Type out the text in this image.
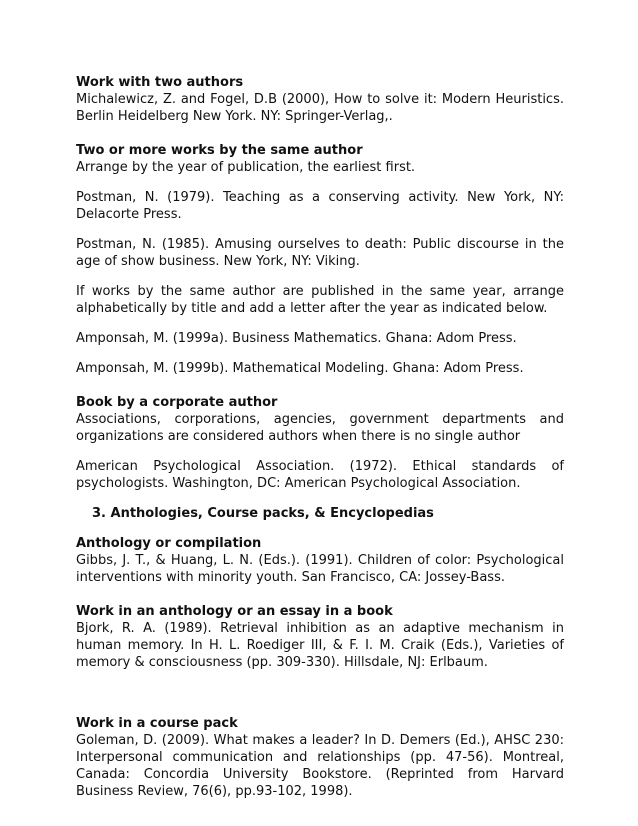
Work with two authors

Michalewicz, Z. and Fogel, D.B (2000), How to solve it: Modern Heuristics. Berlin Heidelberg New York. NY: Springer-Verlag,.

Two or more works by the same author

Arrange by the year of publication, the earliest first.

Postman, N. (1979). Teaching as a conserving activity. New York, NY: Delacorte Press.

Postman, N. (1985). Amusing ourselves to death: Public discourse in the age of show business. New York, NY: Viking.

If works by the same author are published in the same year, arrange alphabetically by title and add a letter after the year as indicated below.

Amponsah, M. (1999a). Business Mathematics. Ghana: Adom Press.

Amponsah, M. (1999b). Mathematical Modeling. Ghana: Adom Press.

Book by a corporate author

Associations, corporations, agencies, government departments and organizations are considered authors when there is no single author

American Psychological Association. (1972). Ethical standards of psychologists. Washington, DC: American Psychological Association.

3. Anthologies, Course packs, & Encyclopedias
Anthology or compilation

Gibbs, J. T., & Huang, L. N. (Eds.). (1991). Children of color: Psychological interventions with minority youth. San Francisco, CA: Jossey-Bass.

Work in an anthology or an essay in a book

Bjork, R. A. (1989). Retrieval inhibition as an adaptive mechanism in human memory. In H. L. Roediger III, & F. I. M. Craik (Eds.), Varieties of memory & consciousness (pp. 309-330). Hillsdale, NJ: Erlbaum.

Work in a course pack

Goleman, D. (2009). What makes a leader? In D. Demers (Ed.), AHSC 230: Interpersonal communication and relationships (pp. 47-56). Montreal, Canada: Concordia University Bookstore. (Reprinted from Harvard Business Review, 76(6), pp.93-102, 1998).
